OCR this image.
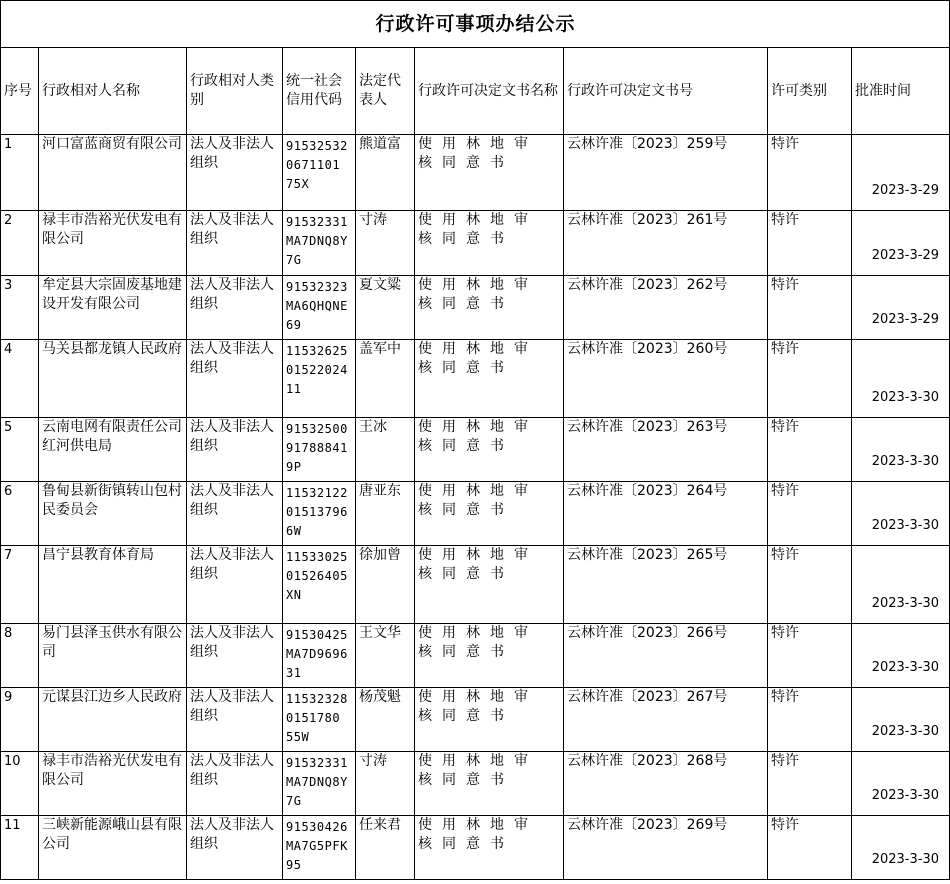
行政许可事项办结公示								
序号	行政相对人名称	行政相对人类别	统一社会信用代码	法定代表人	行政许可决定文书名称	行政许可决定文书号	许可类别	批准时间
1	河口富蓝商贸有限公司	法人及非法人组织	915325320671101 75X	熊道富	使用林地审核同意书	云林许准〔2023〕259号	特许	2023-3-29
2	禄丰市浩裕光伏发电有限公司	法人及非法人组织	91532331MA7DNQ8Y7G	寸涛	使用林地审核同意书	云林许准〔2023〕261号	特许	2023-3-29
3	牟定县大宗固废基地建设开发有限公司	法人及非法人组织	91532323MA6QHQNE69	夏文粱	使用林地审核同意书	云林许准〔2023〕262号	特许	2023-3-29
4	马关县都龙镇人民政府	法人及非法人组织	115326250152202411	盖军中	使用林地审核同意书	云林许准〔2023〕260号	特许	2023-3-30
5	云南电网有限责任公司红河供电局	法人及非法人组织	91532500917888419P	王冰	使用林地审核同意书	云林许准〔2023〕263号	特许	2023-3-30
6	鲁甸县新街镇转山包村民委员会	法人及非法人组织	11532122015137966W	唐亚东	使用林地审核同意书	云林许准〔2023〕264号	特许	2023-3-30
7	昌宁县教育体育局	法人及非法人组织	1153302501526405XN	徐加曾	使用林地审核同意书	云林许准〔2023〕265号	特许	2023-3-30
8	易门县泽玉供水有限公司	法人及非法人组织	91530425MA7D969631	王文华	使用林地审核同意书	云林许准〔2023〕266号	特许	2023-3-30
9	元谋县江边乡人民政府	法人及非法人组织	115323280151780 55W	杨茂魁	使用林地审核同意书	云林许准〔2023〕267号	特许	2023-3-30
10	禄丰市浩裕光伏发电有限公司	法人及非法人组织	91532331MA7DNQ8Y7G	寸涛	使用林地审核同意书	云林许准〔2023〕268号	特许	2023-3-30
11	三峡新能源峨山县有限公司	法人及非法人组织	91530426MA7G5PFK95	任来君	使用林地审核同意书	云林许准〔2023〕269号	特许	2023-3-30
